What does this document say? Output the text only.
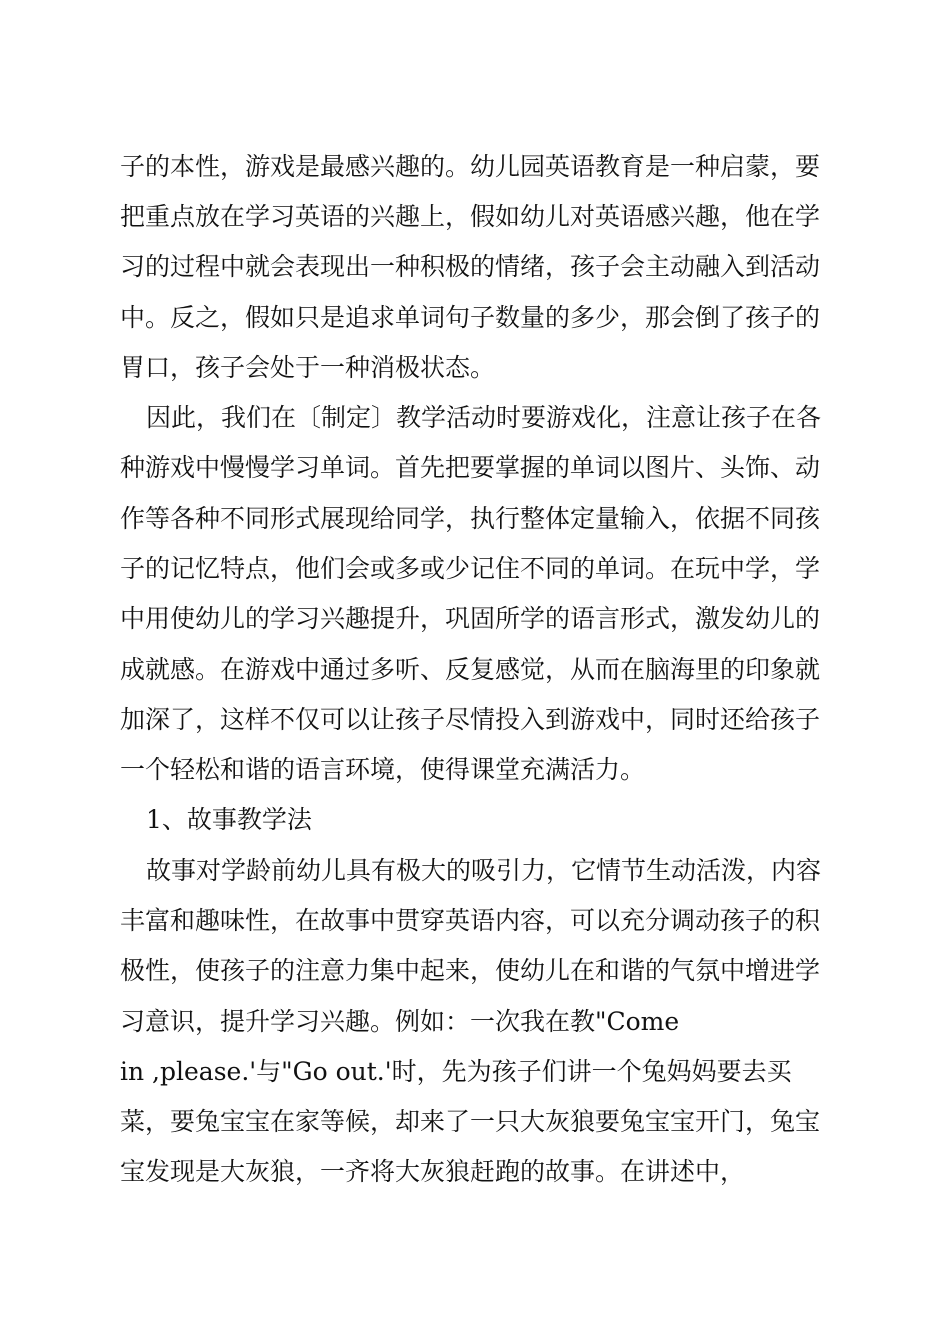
子的本性，游戏是最感兴趣的。幼儿园英语教育是一种启蒙，要
把重点放在学习英语的兴趣上，假如幼儿对英语感兴趣，他在学
习的过程中就会表现出一种积极的情绪，孩子会主动融入到活动
中。反之，假如只是追求单词句子数量的多少，那会倒了孩子的
胃口，孩子会处于一种消极状态。
因此，我们在〔制定〕教学活动时要游戏化，注意让孩子在各
种游戏中慢慢学习单词。首先把要掌握的单词以图片、头饰、动
作等各种不同形式展现给同学，执行整体定量输入，依据不同孩
子的记忆特点，他们会或多或少记住不同的单词。在玩中学，学
中用使幼儿的学习兴趣提升，巩固所学的语言形式，激发幼儿的
成就感。在游戏中通过多听、反复感觉，从而在脑海里的印象就
加深了，这样不仅可以让孩子尽情投入到游戏中，同时还给孩子
一个轻松和谐的语言环境，使得课堂充满活力。
1、故事教学法
故事对学龄前幼儿具有极大的吸引力，它情节生动活泼，内容
丰富和趣味性，在故事中贯穿英语内容，可以充分调动孩子的积
极性，使孩子的注意力集中起来，使幼儿在和谐的气氛中增进学
习意识，提升学习兴趣。例如：一次我在教"Come
in ,please.'与"Go out.'时，先为孩子们讲一个兔妈妈要去买
菜，要兔宝宝在家等候，却来了一只大灰狼要兔宝宝开门，兔宝
宝发现是大灰狼，一齐将大灰狼赶跑的故事。在讲述中，
